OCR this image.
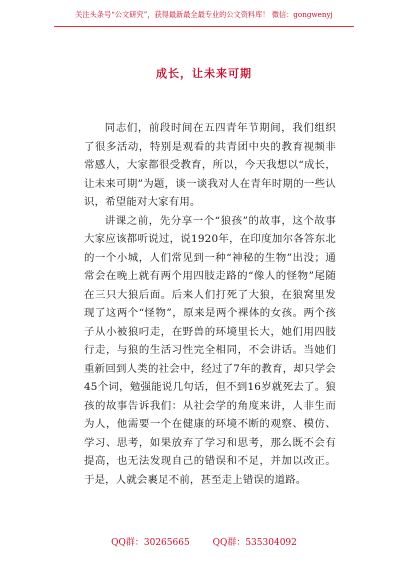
关注头条号“公文研究”，获得最新最全最专业的公文资料库！ 微信：gongwenyj
成长，让未来可期

同志们，前段时间在五四青年节期间，我们组织了很多活动，特别是观看的共青团中央的教育视频非常感人，大家都很受教育，所以，今天我想以“成长，让未来可期”为题，谈一谈我对人在青年时期的一些认识，希望能对大家有用。

讲课之前，先分享一个“狼孩”的故事，这个故事大家应该都听说过，说1920年，在印度加尔各答东北的一个小城，人们常见到一种“神秘的生物”出没；通常会在晚上就有两个用四肢走路的“像人的怪物”尾随在三只大狼后面。后来人们打死了大狼，在狼窝里发现了这两个“怪物”，原来是两个裸体的女孩。两个孩子从小被狼叼走，在野兽的环境里长大，她们用四肢行走，与狼的生活习性完全相同，不会讲话。当她们重新回到人类的社会中，经过了7年的教育，却只学会45个词，勉强能说几句话，但不到16岁就死去了。狼孩的故事告诉我们：从社会学的角度来讲，人非生而为人，他需要一个在健康的环境不断的观察、模仿、学习、思考，如果放弃了学习和思考，那么既不会有提高，也无法发现自己的错误和不足，并加以改正。于是，人就会裹足不前，甚至走上错误的道路。

QQ群：30265665	QQ群：535304092
